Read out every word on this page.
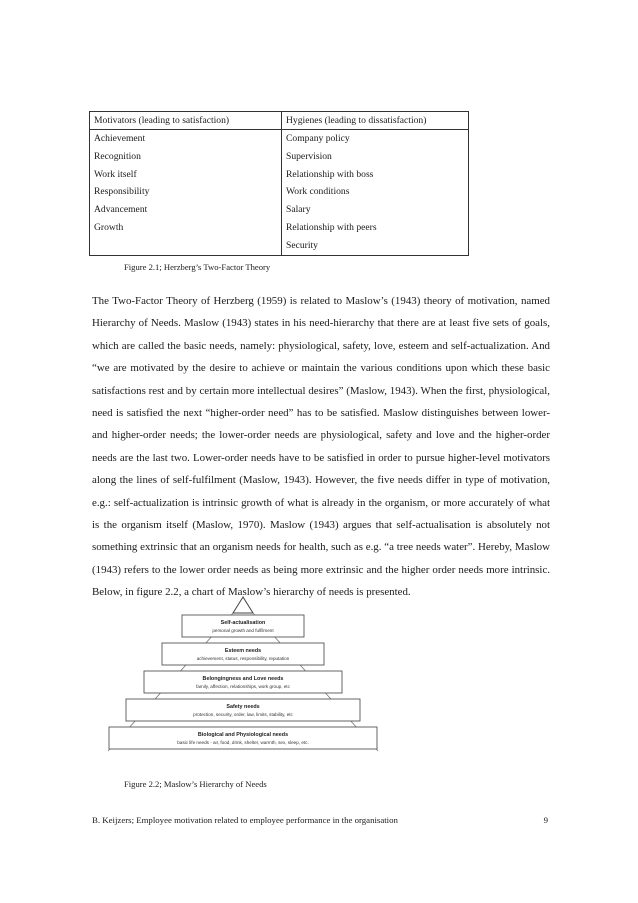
Motivators (leading to satisfaction)	Hygienes (leading to dissatisfaction)
Achievement	Company policy
Recognition	Supervision
Work itself	Relationship with boss
Responsibility	Work conditions
Advancement	Salary
Growth	Relationship with peers
	Security
Figure 2.1; Herzberg’s Two-Factor Theory

The Two-Factor Theory of Herzberg (1959) is related to Maslow’s (1943) theory of motivation, named Hierarchy of Needs. Maslow (1943) states in his need-hierarchy that there are at least five sets of goals, which are called the basic needs, namely: physiological, safety, love, esteem and self-actualization. And “we are motivated by the desire to achieve or maintain the various conditions upon which these basic satisfactions rest and by certain more intellectual desires” (Maslow, 1943). When the first, physiological, need is satisfied the next “higher-order need” has to be satisfied. Maslow distinguishes between lower- and higher-order needs; the lower-order needs are physiological, safety and love and the higher-order needs are the last two. Lower-order needs have to be satisfied in order to pursue higher-level motivators along the lines of self-fulfilment (Maslow, 1943). However, the five needs differ in type of motivation, e.g.: self-actualization is intrinsic growth of what is already in the organism, or more accurately of what is the organism itself (Maslow, 1970). Maslow (1943) argues that self-actualisation is absolutely not something extrinsic that an organism needs for health, such as e.g. “a tree needs water”. Hereby, Maslow (1943) refers to the lower order needs as being more extrinsic and the higher order needs more intrinsic. Below, in figure 2.2, a chart of Maslow’s hierarchy of needs is presented.

Self-actualisation
personal growth and fulfilment
Esteem needs
achievement, status, responsibility, reputation
Belongingness and Love needs
family, affection, relationships, work group, etc
Safety needs
protection, security, order, law, limits, stability, etc
Biological and Physiological needs
basic life needs - air, food, drink, shelter, warmth, sex, sleep, etc.
Figure 2.2; Maslow’s Hierarchy of Needs
B. Keijzers; Employee motivation related to employee performance in the organisation	9
